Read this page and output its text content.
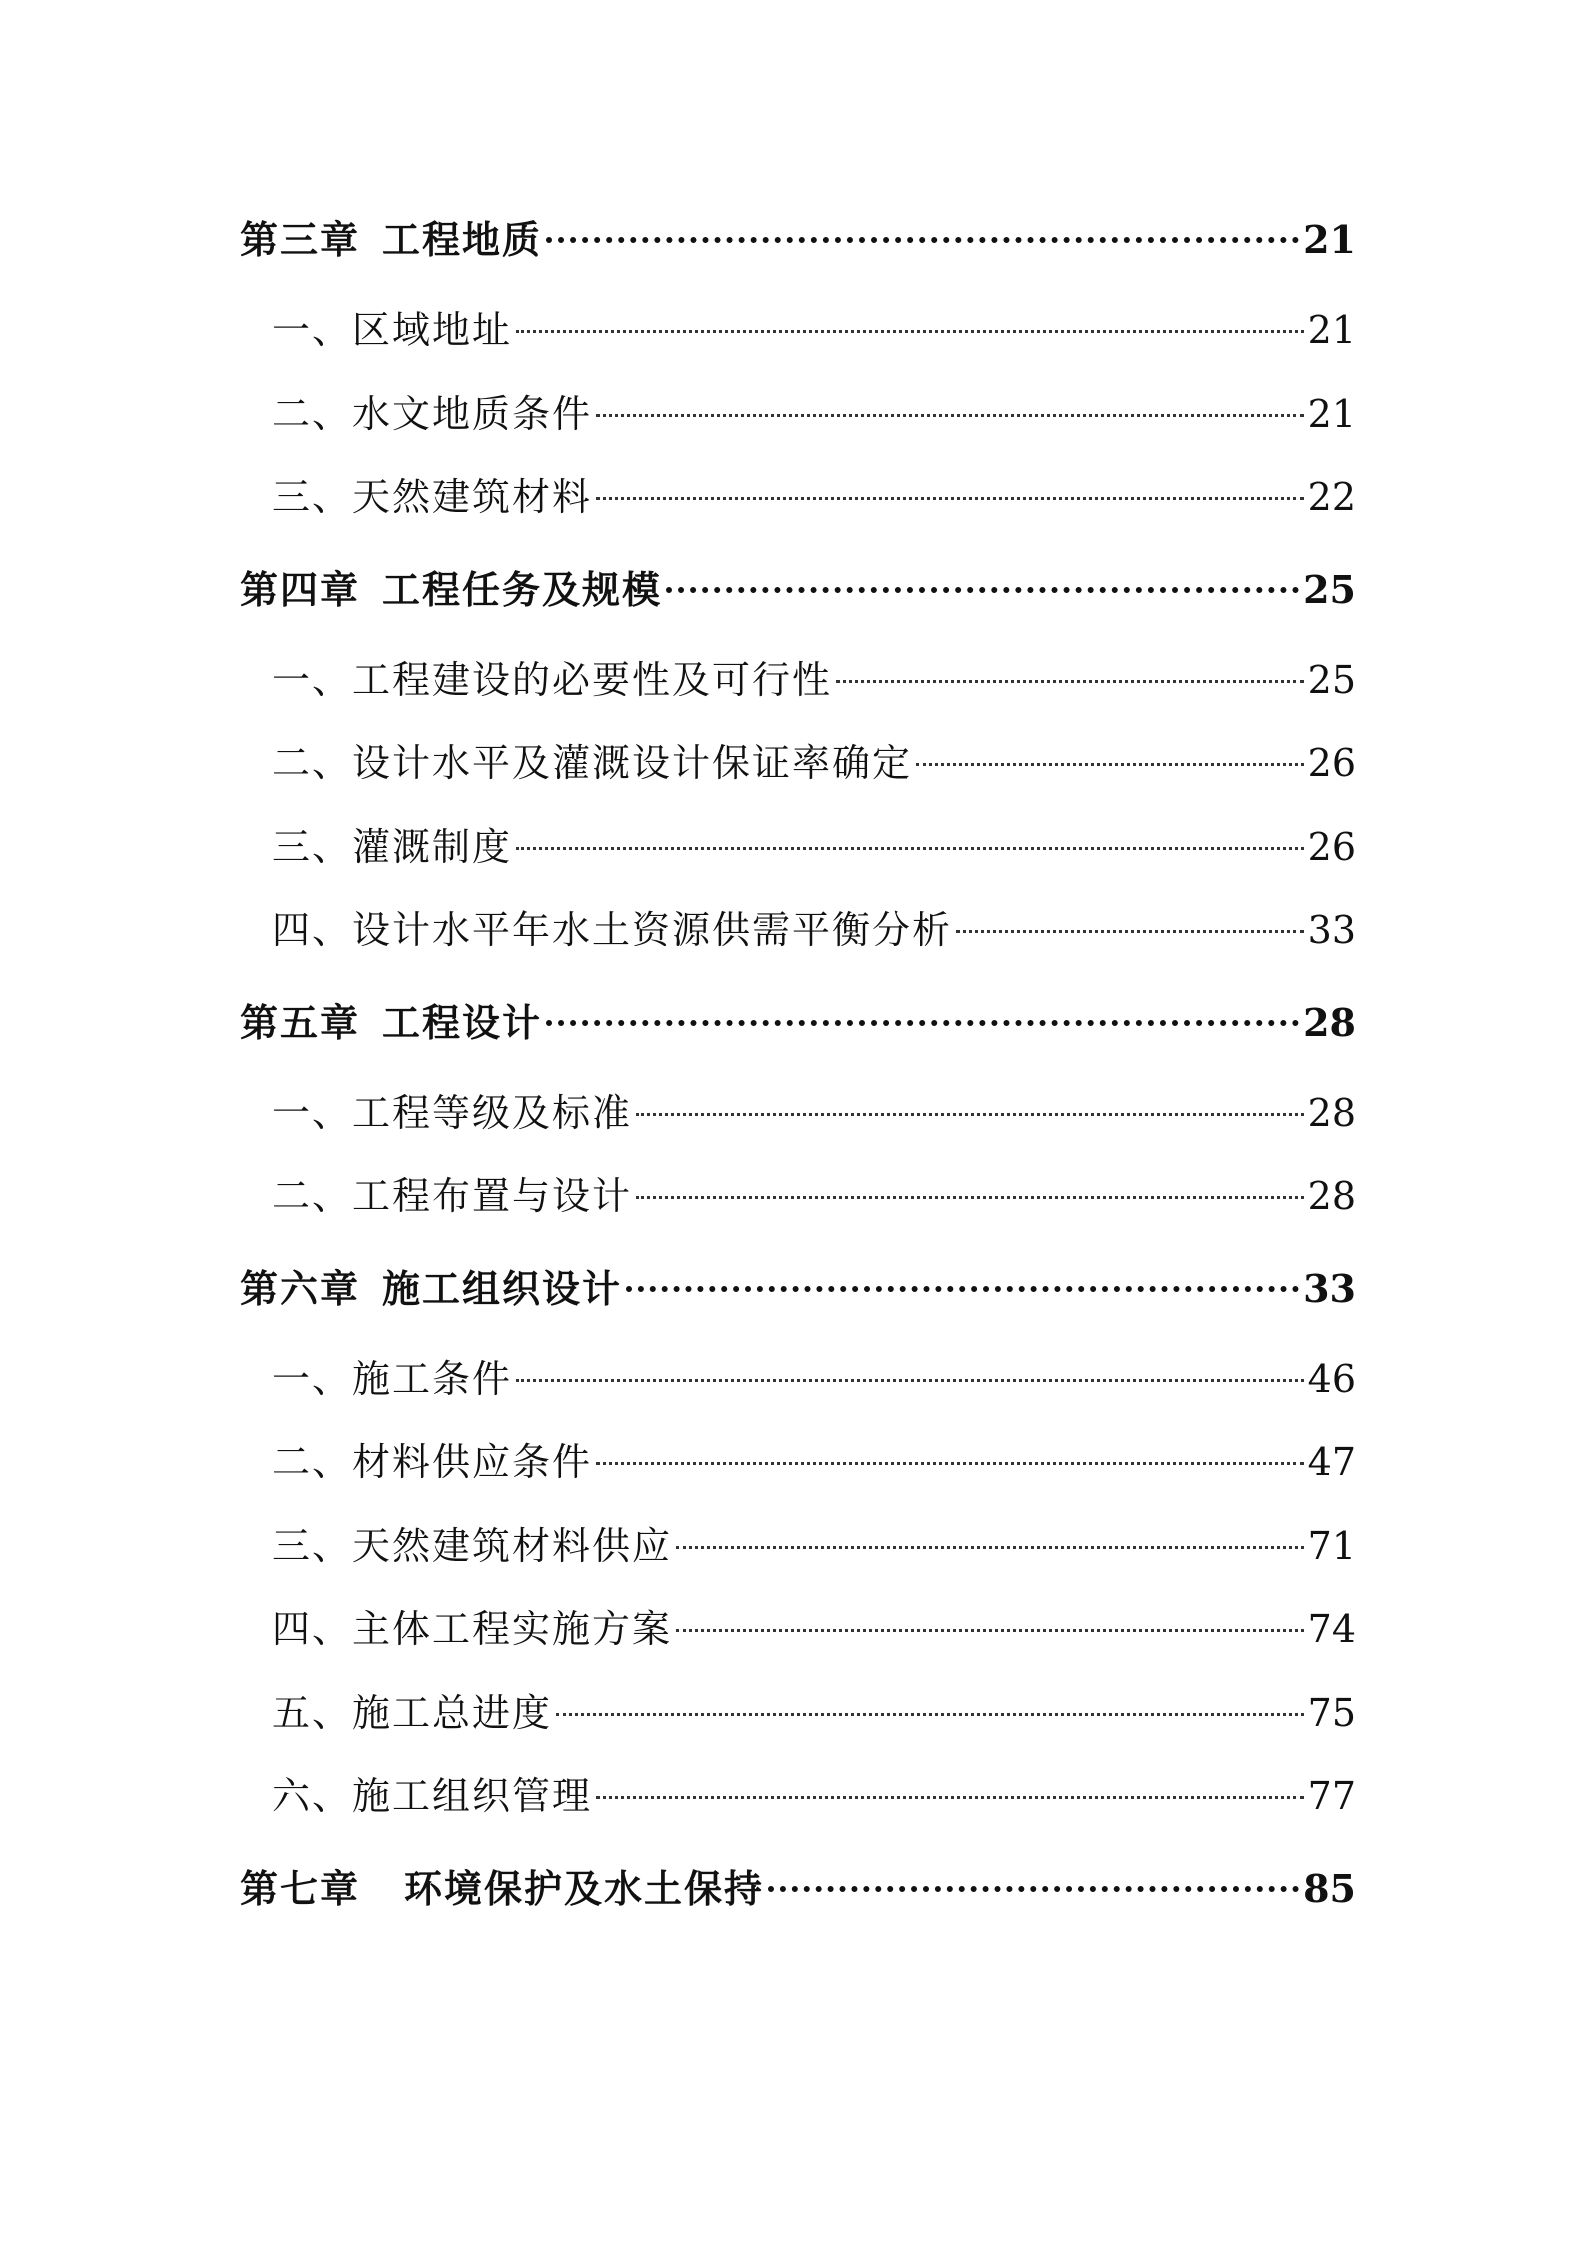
第三章 工程地质	21
一、区域地址	21
二、水文地质条件	21
三、天然建筑材料	22
第四章 工程任务及规模	25
一、工程建设的必要性及可行性	25
二、设计水平及灌溉设计保证率确定	26
三、灌溉制度	26
四、设计水平年水土资源供需平衡分析	33
第五章 工程设计	28
一、工程等级及标准	28
二、工程布置与设计	28
第六章 施工组织设计	33
一、施工条件	46
二、材料供应条件	47
三、天然建筑材料供应	71
四、主体工程实施方案	74
五、施工总进度	75
六、施工组织管理	77
第七章 环境保护及水土保持	85
